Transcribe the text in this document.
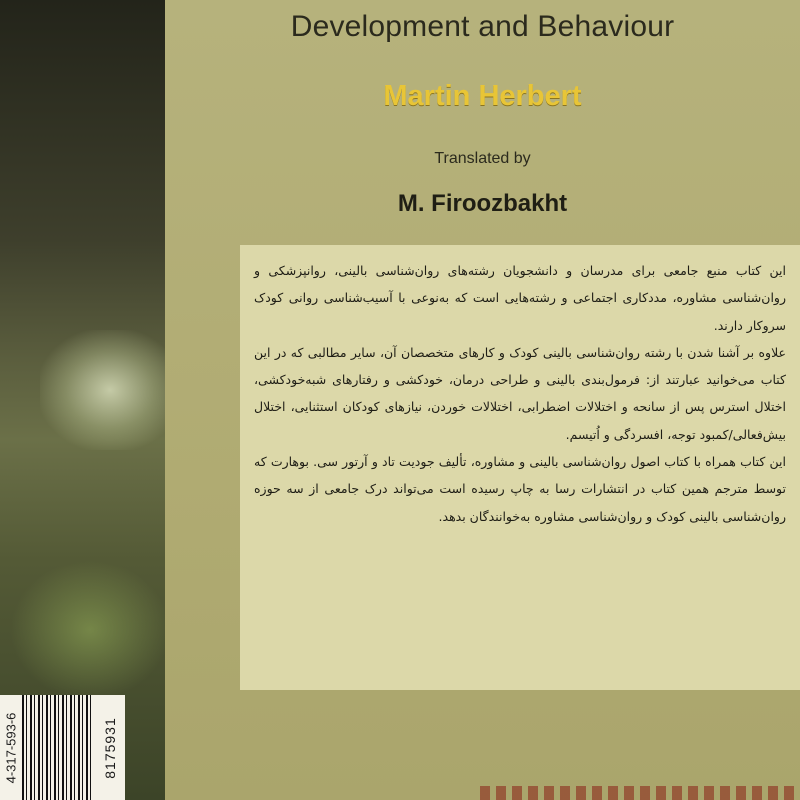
Development and Behaviour
Martin Herbert
Translated by
M. Firoozbakht

این کتاب منبع جامعی برای مدرسان و دانشجویان رشته‌های روان‌شناسی بالینی، روانپزشکی و روان‌شناسی مشاوره، مددکاری اجتماعی و رشته‌هایی است که به‌نوعی با آسیب‌شناسی روانی کودک سروکار دارند.

علاوه بر آشنا شدن با رشته روان‌شناسی بالینی کودک و کارهای متخصصان آن، سایر مطالبی که در این کتاب می‌خوانید عبارتند از: فرمول‌بندی بالینی و طراحی درمان، خودکشی و رفتارهای شبه‌خودکشی، اختلال استرس پس از سانحه و اختلالات اضطرابی، اختلالات خوردن، نیازهای کودکان استثنایی، اختلال بیش‌فعالی/کمبود توجه، افسردگی و اُتیسم.

این کتاب همراه با کتاب اصول روان‌شناسی بالینی و مشاوره، تألیف جودیت تاد و آرتور سی. بوهارت که توسط مترجم همین کتاب در انتشارات رسا به چاپ رسیده است می‌تواند درک جامعی از سه حوزه روان‌شناسی بالینی کودک و روان‌شناسی مشاوره به‌خوانندگان بدهد.

4-317-593-6	8175931
